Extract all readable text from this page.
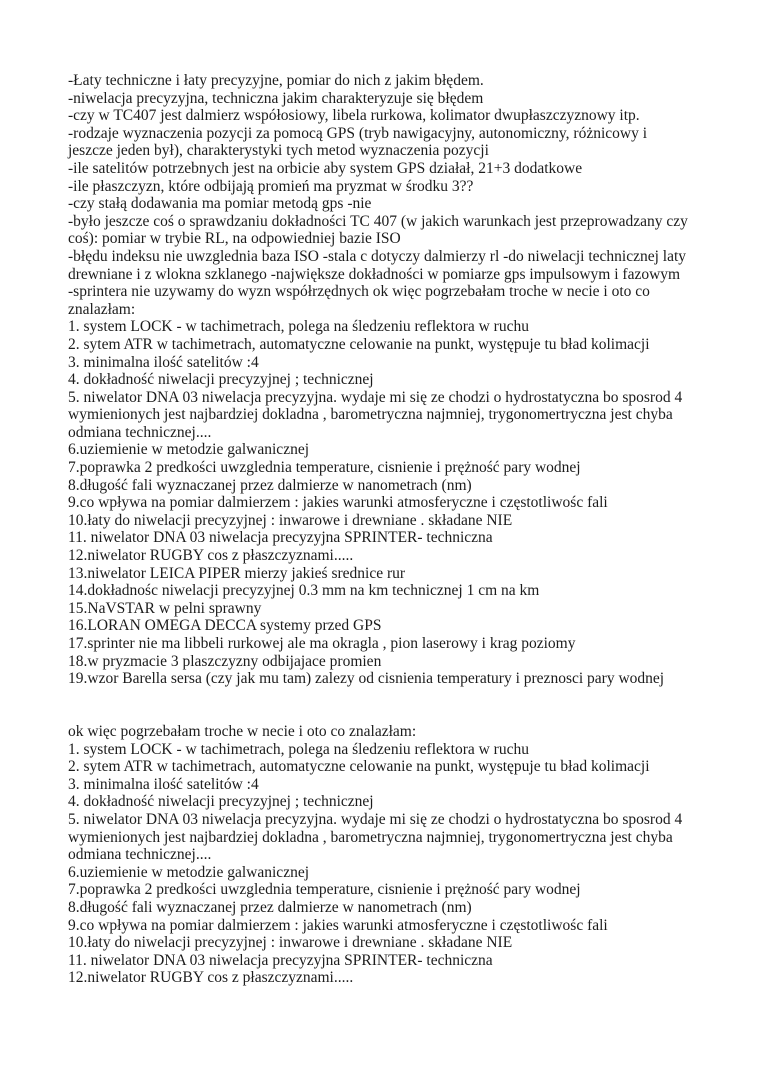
-Łaty techniczne i łaty precyzyjne, pomiar do nich z jakim błędem.
-niwelacja precyzyjna, techniczna jakim charakteryzuje się błędem
-czy w TC407 jest dalmierz współosiowy, libela rurkowa, kolimator dwupłaszczyznowy itp.
-rodzaje wyznaczenia pozycji za pomocą GPS (tryb nawigacyjny, autonomiczny, różnicowy i
jeszcze jeden był), charakterystyki tych metod wyznaczenia pozycji
-ile satelitów potrzebnych jest na orbicie aby system GPS działał, 21+3 dodatkowe
-ile płaszczyzn, które odbijają promień ma pryzmat w środku 3??
-czy stałą dodawania ma pomiar metodą gps -nie
-było jeszcze coś o sprawdzaniu dokładności TC 407 (w jakich warunkach jest przeprowadzany czy
coś): pomiar w trybie RL, na odpowiedniej bazie ISO
-błędu indeksu nie uwzglednia baza ISO -stala c dotyczy dalmierzy rl -do niwelacji technicznej laty
drewniane i z wlokna szklanego -największe dokładności w pomiarze gps impulsowym i fazowym
-sprintera nie uzywamy do wyzn współrzędnych ok więc pogrzebałam troche w necie i oto co
znalazłam:
1. system LOCK - w tachimetrach, polega na śledzeniu reflektora w ruchu
2. sytem ATR w tachimetrach, automatyczne celowanie na punkt, występuje tu bład kolimacji
3. minimalna ilość satelitów :4
4. dokładność niwelacji precyzyjnej ; technicznej
5. niwelator DNA 03 niwelacja precyzyjna. wydaje mi się ze chodzi o hydrostatyczna bo sposrod 4
wymienionych jest najbardziej dokladna , barometryczna najmniej, trygonomertryczna jest chyba
odmiana technicznej....
6.uziemienie w metodzie galwanicznej
7.poprawka 2 predkości uwzglednia temperature, cisnienie i prężność pary wodnej
8.długość fali wyznaczanej przez dalmierze w nanometrach (nm)
9.co wpływa na pomiar dalmierzem : jakies warunki atmosferyczne i częstotliwośc fali
10.łaty do niwelacji precyzyjnej : inwarowe i drewniane . składane NIE
11. niwelator DNA 03 niwelacja precyzyjna SPRINTER- techniczna
12.niwelator RUGBY cos z płaszczyznami.....
13.niwelator LEICA PIPER mierzy jakieś srednice rur
14.dokładnośc niwelacji precyzyjnej 0.3 mm na km technicznej 1 cm na km
15.NaVSTAR w pelni sprawny
16.LORAN OMEGA DECCA systemy przed GPS
17.sprinter nie ma libbeli rurkowej ale ma okragla , pion laserowy i krag poziomy
18.w pryzmacie 3 plaszczyzny odbijajace promien
19.wzor Barella sersa (czy jak mu tam) zalezy od cisnienia temperatury i preznosci pary wodnej
ok więc pogrzebałam troche w necie i oto co znalazłam:
1. system LOCK - w tachimetrach, polega na śledzeniu reflektora w ruchu
2. sytem ATR w tachimetrach, automatyczne celowanie na punkt, występuje tu bład kolimacji
3. minimalna ilość satelitów :4
4. dokładność niwelacji precyzyjnej ; technicznej
5. niwelator DNA 03 niwelacja precyzyjna. wydaje mi się ze chodzi o hydrostatyczna bo sposrod 4
wymienionych jest najbardziej dokladna , barometryczna najmniej, trygonomertryczna jest chyba
odmiana technicznej....
6.uziemienie w metodzie galwanicznej
7.poprawka 2 predkości uwzglednia temperature, cisnienie i prężność pary wodnej
8.długość fali wyznaczanej przez dalmierze w nanometrach (nm)
9.co wpływa na pomiar dalmierzem : jakies warunki atmosferyczne i częstotliwośc fali
10.łaty do niwelacji precyzyjnej : inwarowe i drewniane . składane NIE
11. niwelator DNA 03 niwelacja precyzyjna SPRINTER- techniczna
12.niwelator RUGBY cos z płaszczyznami.....
